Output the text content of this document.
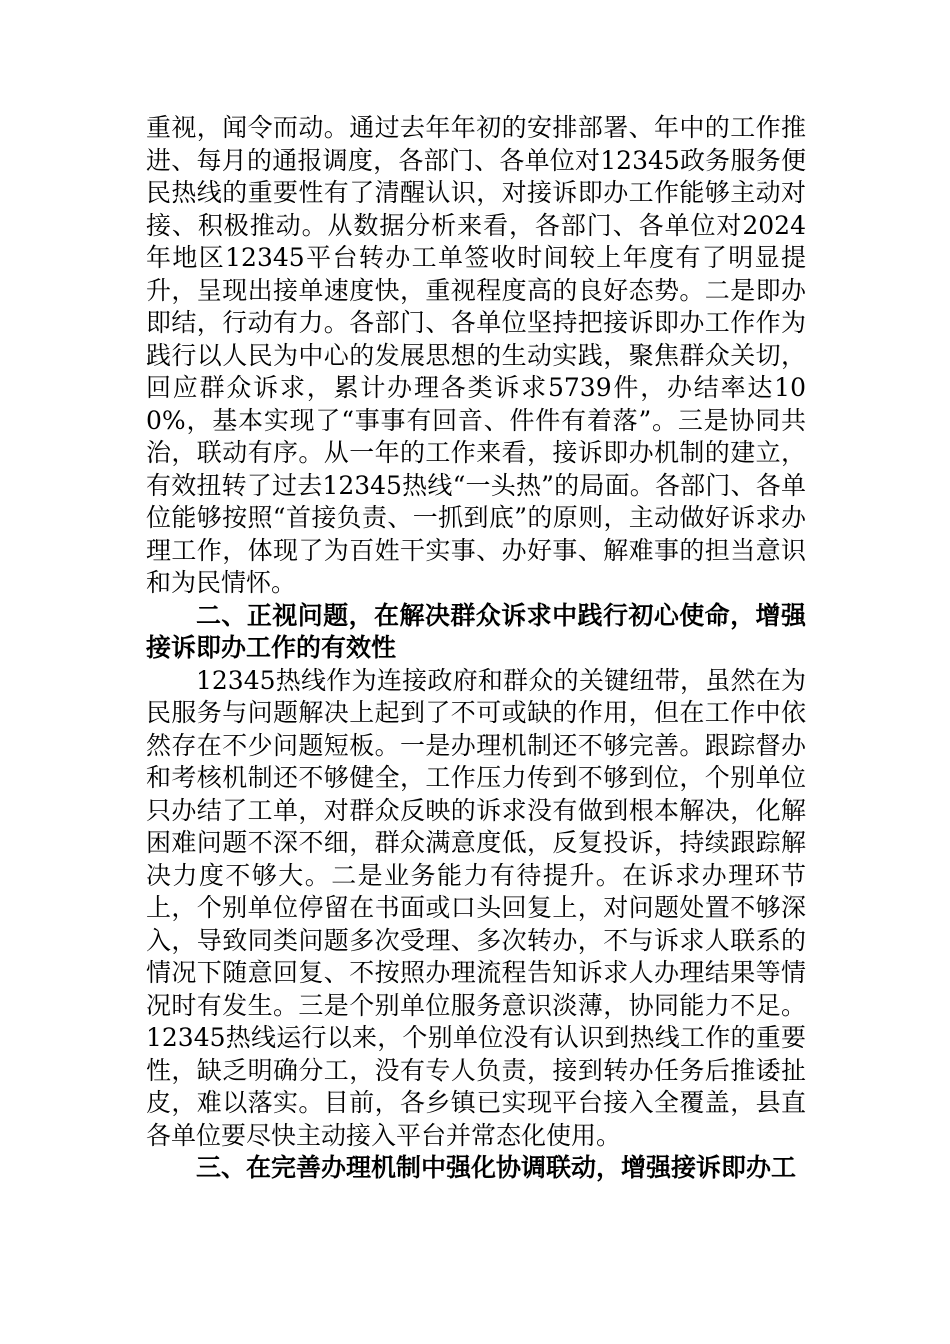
重视，闻令而动。通过去年年初的安排部署、年中的工作推进、每月的通报调度，各部门、各单位对12345政务服务便民热线的重要性有了清醒认识，对接诉即办工作能够主动对接、积极推动。从数据分析来看，各部门、各单位对2024年地区12345平台转办工单签收时间较上年度有了明显提升，呈现出接单速度快，重视程度高的良好态势。二是即办即结，行动有力。各部门、各单位坚持把接诉即办工作作为践行以人民为中心的发展思想的生动实践，聚焦群众关切，回应群众诉求，累计办理各类诉求5739件，办结率达100%，基本实现了“事事有回音、件件有着落”。三是协同共治，联动有序。从一年的工作来看，接诉即办机制的建立，有效扭转了过去12345热线“一头热”的局面。各部门、各单位能够按照“首接负责、一抓到底”的原则，主动做好诉求办理工作，体现了为百姓干实事、办好事、解难事的担当意识和为民情怀。

二、正视问题，在解决群众诉求中践行初心使命，增强接诉即办工作的有效性

12345热线作为连接政府和群众的关键纽带，虽然在为民服务与问题解决上起到了不可或缺的作用，但在工作中依然存在不少问题短板。一是办理机制还不够完善。跟踪督办和考核机制还不够健全，工作压力传到不够到位，个别单位只办结了工单，对群众反映的诉求没有做到根本解决，化解困难问题不深不细，群众满意度低，反复投诉，持续跟踪解决力度不够大。二是业务能力有待提升。在诉求办理环节上，个别单位停留在书面或口头回复上，对问题处置不够深入，导致同类问题多次受理、多次转办，不与诉求人联系的情况下随意回复、不按照办理流程告知诉求人办理结果等情况时有发生。三是个别单位服务意识淡薄，协同能力不足。12345热线运行以来，个别单位没有认识到热线工作的重要性，缺乏明确分工，没有专人负责，接到转办任务后推诿扯皮，难以落实。目前，各乡镇已实现平台接入全覆盖，县直各单位要尽快主动接入平台并常态化使用。

三、在完善办理机制中强化协调联动，增强接诉即办工
